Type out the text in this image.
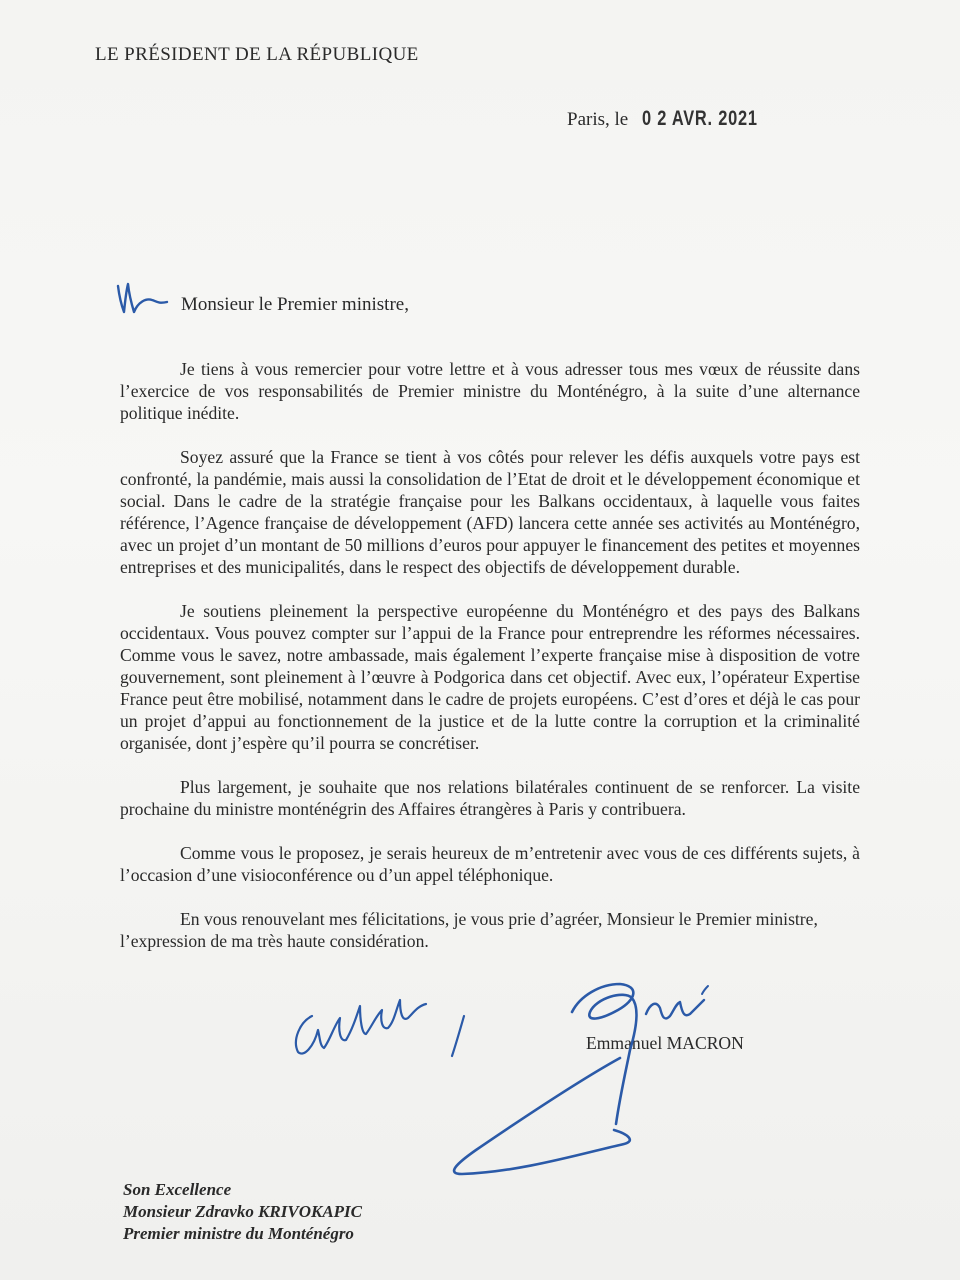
LE PRÉSIDENT DE LA RÉPUBLIQUE
Paris, le 0 2 AVR. 2021
Monsieur le Premier ministre,

Je tiens à vous remercier pour votre lettre et à vous adresser tous mes vœux de réussite dans l’exercice de vos responsabilités de Premier ministre du Monténégro, à la suite d’une alternance politique inédite.

Soyez assuré que la France se tient à vos côtés pour relever les défis auxquels votre pays est confronté, la pandémie, mais aussi la consolidation de l’Etat de droit et le développement économique et social. Dans le cadre de la stratégie française pour les Balkans occidentaux, à laquelle vous faites référence, l’Agence française de développement (AFD) lancera cette année ses activités au Monténégro, avec un projet d’un montant de 50 millions d’euros pour appuyer le financement des petites et moyennes entreprises et des municipalités, dans le respect des objectifs de développement durable.

Je soutiens pleinement la perspective européenne du Monténégro et des pays des Balkans occidentaux. Vous pouvez compter sur l’appui de la France pour entreprendre les réformes nécessaires. Comme vous le savez, notre ambassade, mais également l’experte française mise à disposition de votre gouvernement, sont pleinement à l’œuvre à Podgorica dans cet objectif. Avec eux, l’opérateur Expertise France peut être mobilisé, notamment dans le cadre de projets européens. C’est d’ores et déjà le cas pour un projet d’appui au fonctionnement de la justice et de la lutte contre la corruption et la criminalité organisée, dont j’espère qu’il pourra se concrétiser.

Plus largement, je souhaite que nos relations bilatérales continuent de se renforcer. La visite prochaine du ministre monténégrin des Affaires étrangères à Paris y contribuera.

Comme vous le proposez, je serais heureux de m’entretenir avec vous de ces différents sujets, à l’occasion d’une visioconférence ou d’un appel téléphonique.

En vous renouvelant mes félicitations, je vous prie d’agréer, Monsieur le Premier ministre, l’expression de ma très haute considération.

Emmanuel MACRON
Son Excellence
Monsieur Zdravko KRIVOKAPIC
Premier ministre du Monténégro
